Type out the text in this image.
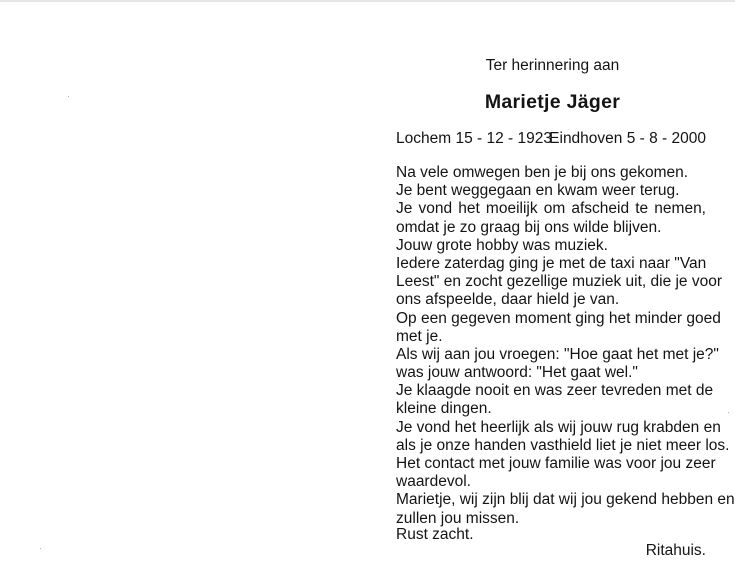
Ter herinnering aan
Marietje Jäger
Lochem 15 - 12 - 1923
Eindhoven 5 - 8 - 2000
Na vele omwegen ben je bij ons gekomen.
Je bent weggegaan en kwam weer terug.
Je vond het moeilijk om afscheid te nemen,
omdat je zo graag bij ons wilde blijven.
Jouw grote hobby was muziek.
Iedere zaterdag ging je met de taxi naar "Van
Leest" en zocht gezellige muziek uit, die je voor
ons afspeelde, daar hield je van.
Op een gegeven moment ging het minder goed
met je.
Als wij aan jou vroegen: "Hoe gaat het met je?"
was jouw antwoord: "Het gaat wel."
Je klaagde nooit en was zeer tevreden met de
kleine dingen.
Je vond het heerlijk als wij jouw rug krabden en
als je onze handen vasthield liet je niet meer los.
Het contact met jouw familie was voor jou zeer
waardevol.
Marietje, wij zijn blij dat wij jou gekend hebben en
zullen jou missen.
Rust zacht.
Ritahuis.
